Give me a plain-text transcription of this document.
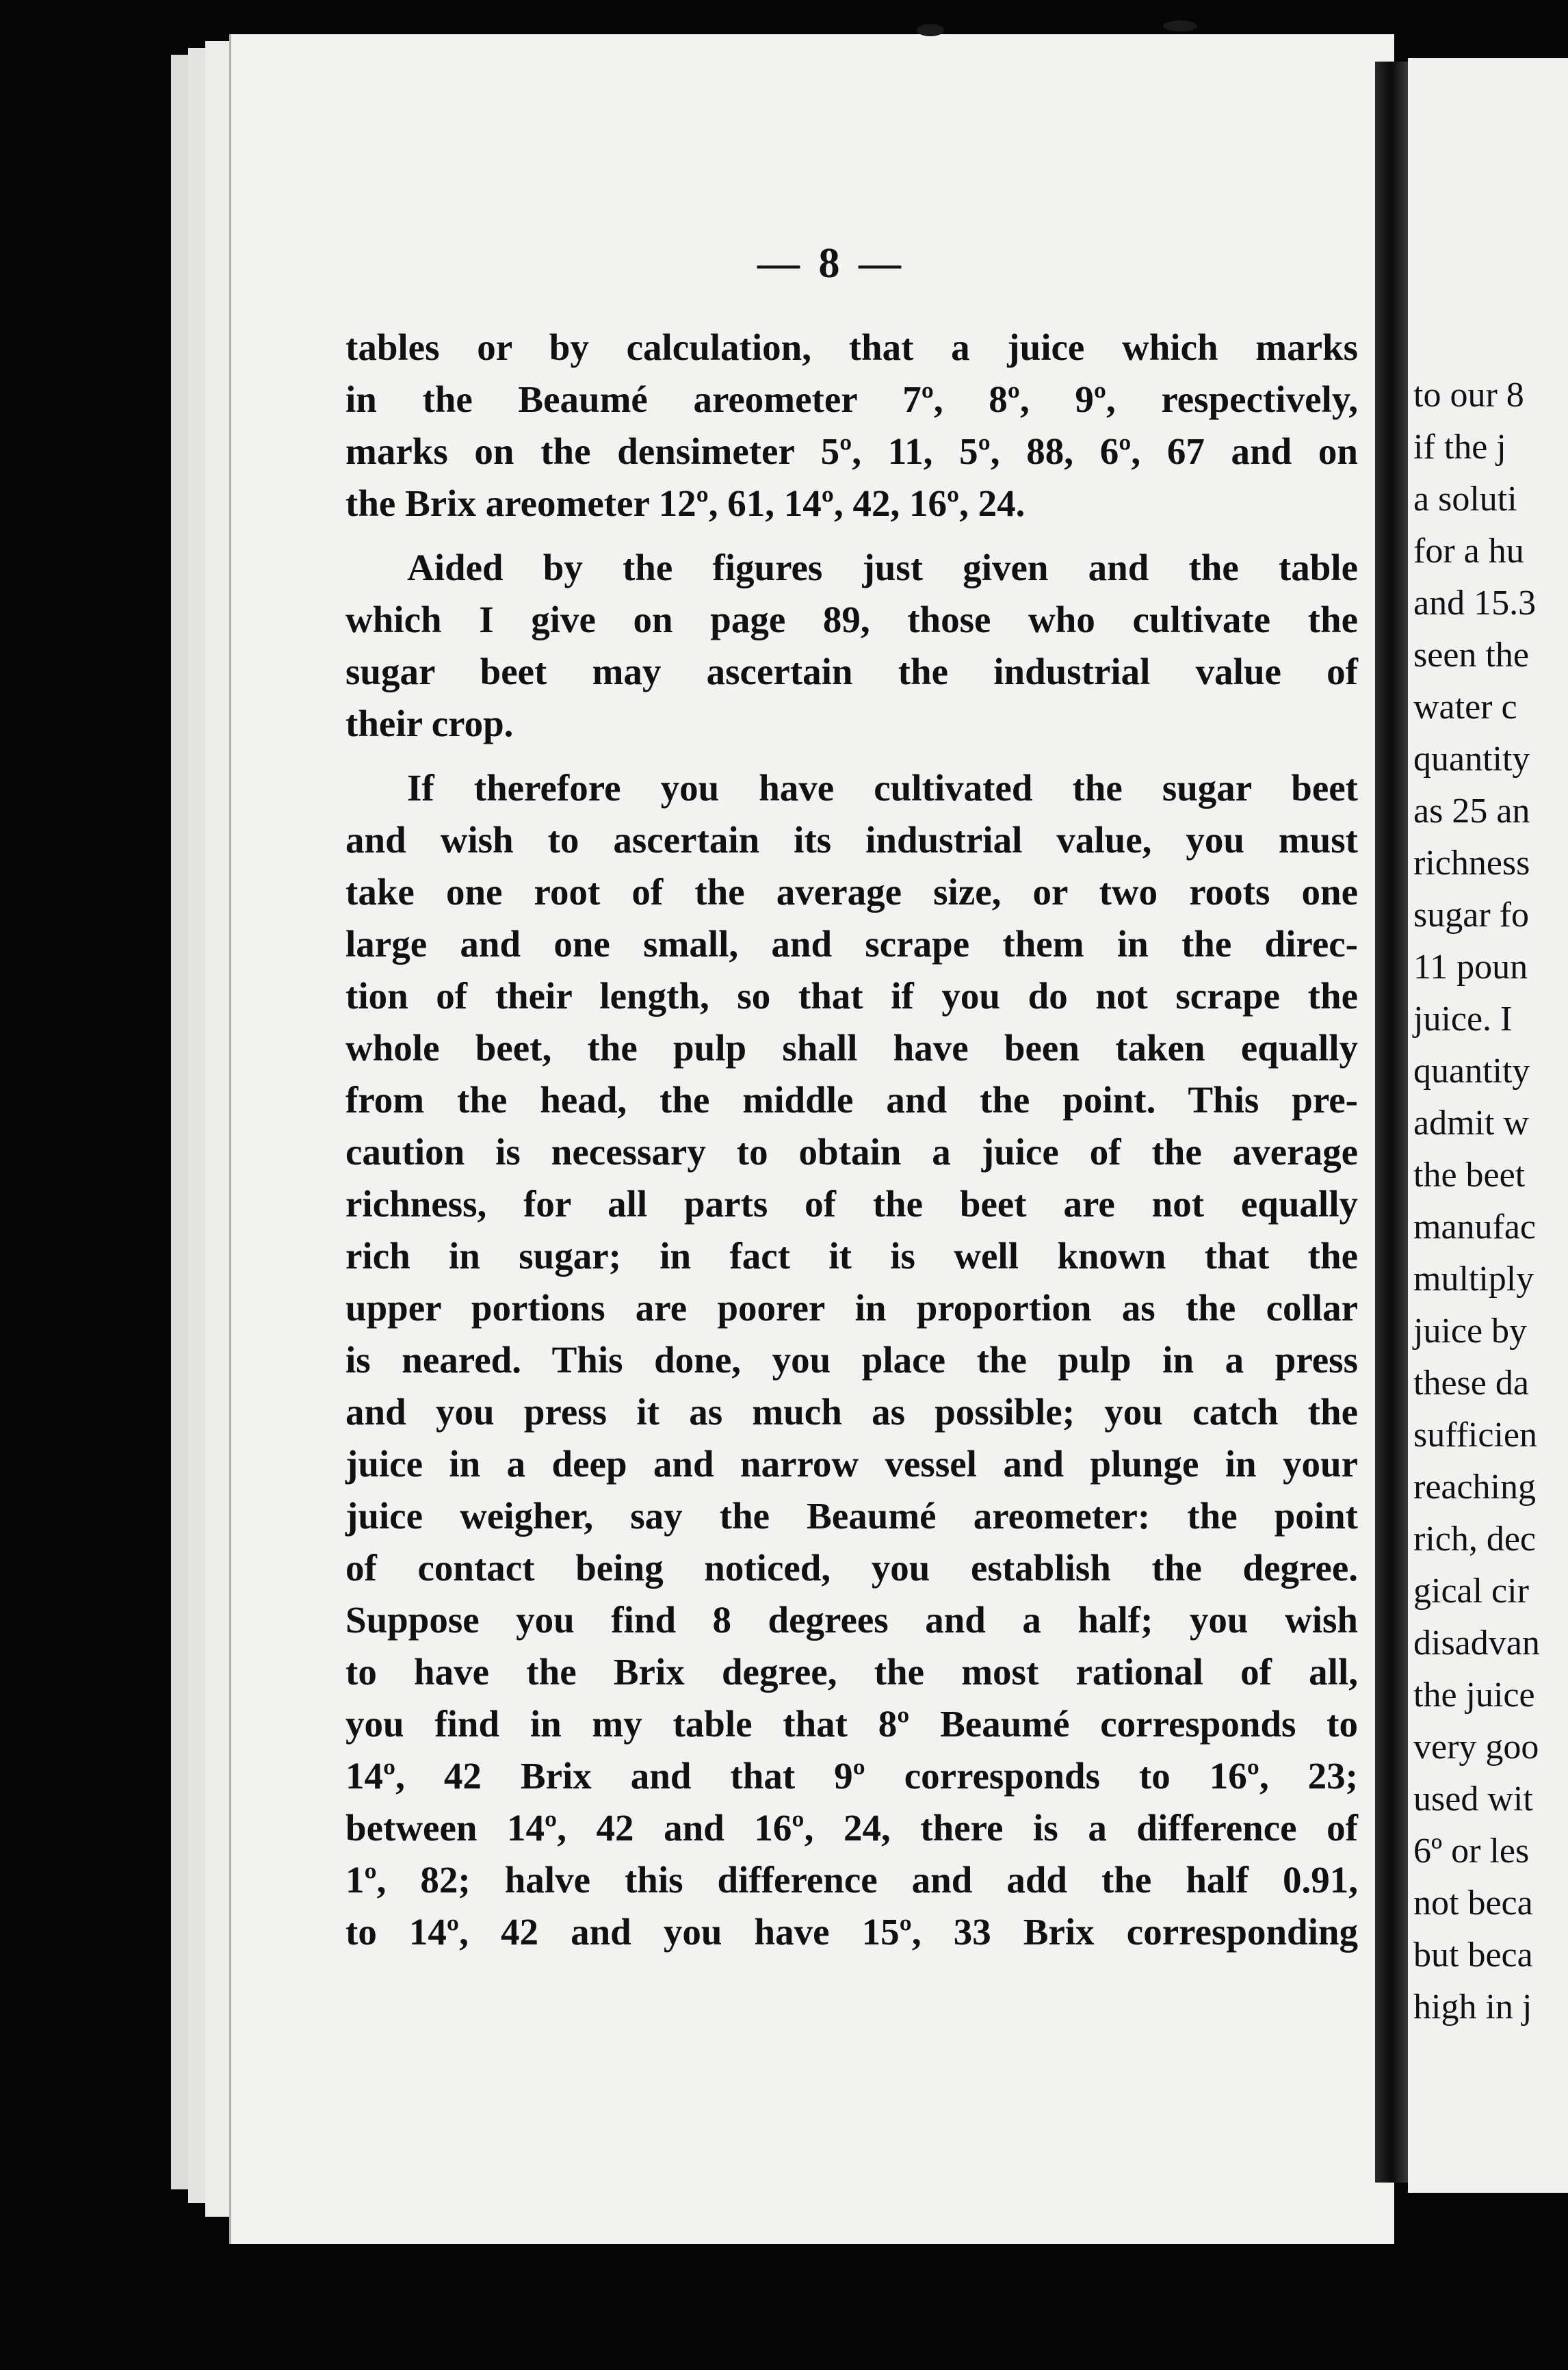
— 8 —
tables or by calculation, that a juice which marks
in the Beaumé areometer 7º, 8º, 9º, respectively,
marks on the densimeter 5º, 11, 5º, 88, 6º, 67 and on
the Brix areometer 12º, 61, 14º, 42, 16º, 24.
Aided by the figures just given and the table
which I give on page 89, those who cultivate the
sugar beet may ascertain the industrial value of
their crop.
If therefore you have cultivated the sugar beet
and wish to ascertain its industrial value, you must
take one root of the average size, or two roots one
large and one small, and scrape them in the direc-
tion of their length, so that if you do not scrape the
whole beet, the pulp shall have been taken equally
from the head, the middle and the point. This pre-
caution is necessary to obtain a juice of the average
richness, for all parts of the beet are not equally
rich in sugar; in fact it is well known that the
upper portions are poorer in proportion as the collar
is neared. This done, you place the pulp in a press
and you press it as much as possible; you catch the
juice in a deep and narrow vessel and plunge in your
juice weigher, say the Beaumé areometer: the point
of contact being noticed, you establish the degree.
Suppose you find 8 degrees and a half; you wish
to have the Brix degree, the most rational of all,
you find in my table that 8º Beaumé corresponds to
14º, 42 Brix and that 9º corresponds to 16º, 23;
between 14º, 42 and 16º, 24, there is a difference of
1º, 82; halve this difference and add the half 0.91,
to 14º, 42 and you have 15º, 33 Brix corresponding
to our 8
if the j
a soluti
for a hu
and 15.3
seen the
water c
quantity
as 25 an
richness
sugar fo
11 poun
juice. I
quantity
admit w
the beet
manufac
multiply
juice by
these da
sufficien
reaching
rich, dec
gical cir
disadvan
the juice
very goo
used wit
6º or les
not beca
but beca
high in j
